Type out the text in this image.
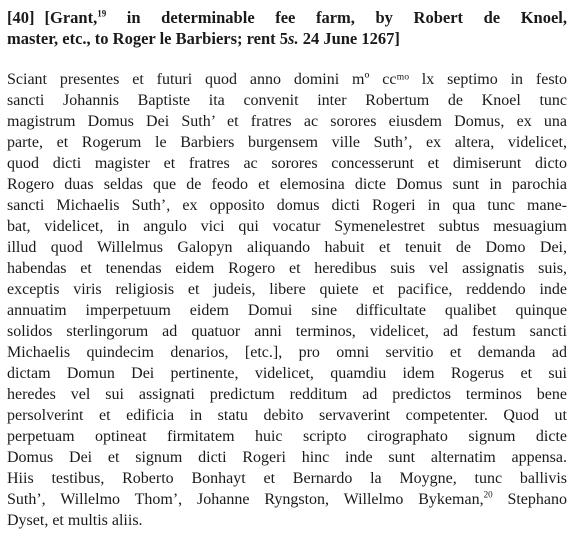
[40] [Grant,$^{19}$ in determinable fee farm, by Robert de Knoel,
master, etc., to Roger le Barbiers; rent 5s. 24 June 1267]
Sciant presentes et futuri quod anno domini mº ccᵐᵒ lx septimo in festo
sancti Johannis Baptiste ita convenit inter Robertum de Knoel tunc
magistrum Domus Dei Suth’ et fratres ac sorores eiusdem Domus, ex una
parte, et Rogerum le Barbiers burgensem ville Suth’, ex altera, videlicet,
quod dicti magister et fratres ac sorores concesserunt et dimiserunt dicto
Rogero duas seldas que de feodo et elemosina dicte Domus sunt in parochia
sancti Michaelis Suth’, ex opposito domus dicti Rogeri in qua tunc mane-
bat, videlicet, in angulo vici qui vocatur Symenelestret subtus mesuagium
illud quod Willelmus Galopyn aliquando habuit et tenuit de Domo Dei,
habendas et tenendas eidem Rogero et heredibus suis vel assignatis suis,
exceptis viris religiosis et judeis, libere quiete et pacifice, reddendo inde
annuatim imperpetuum eidem Domui sine difficultate qualibet quinque
solidos sterlingorum ad quatuor anni terminos, videlicet, ad festum sancti
Michaelis quindecim denarios, [etc.], pro omni servitio et demanda ad
dictam Domun Dei pertinente, videlicet, quamdiu idem Rogerus et sui
heredes vel sui assignati predictum redditum ad predictos terminos bene
persolverint et edificia in statu debito servaverint competenter. Quod ut
perpetuam optineat firmitatem huic scripto cirographato signum dicte
Domus Dei et signum dicti Rogeri hinc inde sunt alternatim appensa.
Hiis testibus, Roberto Bonhayt et Bernardo la Moygne, tunc ballivis
Suth’, Willelmo Thom’, Johanne Ryngston, Willelmo Bykeman,$^{20}$ Stephano
Dyset, et multis aliis.
